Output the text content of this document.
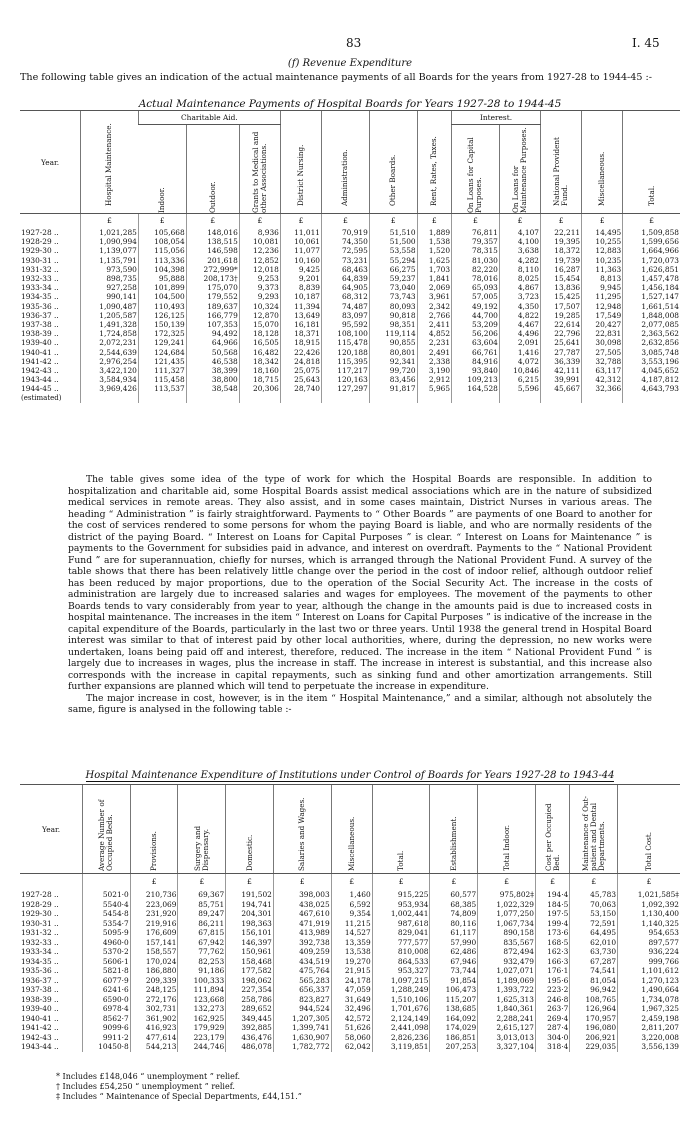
83	I. 45
(f) Revenue Expenditure
The following table gives an indication of the actual maintenance payments of all Boards for the years from 1927-28 to 1944-45 :-
Actual Maintenance Payments of Hospital Boards for Years 1927-28 to 1944-45
Year.	Hospital Maintenance.	Charitable Aid.			District Nursing.	Administration.	Other Boards.	Rent, Rates, Taxes.	Interest.		National Provident Fund.	Miscellaneous.	Total.

		Indoor.	Outdoor.	Grants to Medical and other Associations.					On Loans for Capital Purposes.	On Loans for Maintenance Purposes.			

	£	£	£	£	£	£	£	£	£	£	£	£	£
1927-28 ..	1,021,285	105,668	148,016	8,936	11,011	70,919	51,510	1,889	76,811	4,107	22,211	14,495	1,509,858
1928-29 ..	1,090,994	108,054	138,515	10,081	10,061	74,350	51,500	1,538	79,357	4,100	19,395	10,255	1,599,656
1929-30 ..	1,139,077	115,056	146,598	12,236	11,077	72,595	53,558	1,520	78,315	3,638	18,372	12,883	1,664,966
1930-31 ..	1,135,791	113,336	201,618	12,852	10,160	73,231	55,294	1,625	81,030	4,282	19,739	10,235	1,720,073
1931-32 ..	973,590	104,398	272,999*	12,018	9,425	68,463	66,275	1,703	82,220	8,110	16,287	11,363	1,626,851
1932-33 ..	898,735	95,888	208,173†	9,253	9,201	64,839	59,237	1,841	78,016	8,025	15,454	8,813	1,457,478
1933-34 ..	927,258	101,899	175,070	9,373	8,839	64,905	73,040	2,069	65,093	4,867	13,836	9,945	1,456,184
1934-35 ..	990,141	104,500	179,552	9,293	10,187	68,312	73,743	3,961	57,005	3,723	15,425	11,295	1,527,147
1935-36 ..	1,090,487	110,493	189,637	10,324	11,394	74,487	80,093	2,342	49,192	4,350	17,507	12,948	1,661,514
1936-37 ..	1,205,587	126,125	166,779	12,870	13,649	83,097	90,818	2,766	44,700	4,822	19,285	17,549	1,848,008
1937-38 ..	1,491,328	150,139	107,353	15,070	16,181	95,592	98,351	2,411	53,209	4,467	22,614	20,427	2,077,085
1938-39 ..	1,724,858	172,325	94,492	18,128	18,371	108,100	119,114	4,852	56,206	4,496	22,796	22,831	2,363,562
1939-40 ..	2,072,231	129,241	64,966	16,505	18,915	115,478	90,855	2,231	63,604	2,091	25,641	30,098	2,632,856
1940-41 ..	2,544,639	124,684	50,568	16,482	22,426	120,188	80,801	2,491	66,761	1,416	27,787	27,505	3,085,748
1941-42 ..	2,976,254	121,435	46,538	18,342	24,818	115,395	92,341	2,338	84,916	4,072	36,339	32,788	3,553,196
1942-43 ..	3,422,120	111,327	38,399	18,160	25,075	117,217	99,720	3,190	93,840	10,846	42,111	63,117	4,045,652
1943-44 ..	3,584,934	115,458	38,800	18,715	25,643	120,163	83,456	2,912	109,213	6,215	39,991	42,312	4,187,812
1944-45 ..	3,969,426	113,537	38,548	20,306	28,740	127,297	91,817	5,965	164,528	5,596	45,667	32,366	4,643,793
(estimated)													

The table gives some idea of the type of work for which the Hospital Boards are responsible. In addition to hospitalization and charitable aid, some Hospital Boards assist medical associations which are in the nature of subsidized medical services in remote areas. They also assist, and in some cases maintain, District Nurses in various areas. The heading “ Administration ” is fairly straightforward. Payments to “ Other Boards ” are payments of one Board to another for the cost of services rendered to some persons for whom the paying Board is liable, and who are normally residents of the district of the paying Board. “ Interest on Loans for Capital Purposes ” is clear. “ Interest on Loans for Maintenance ” is payments to the Government for subsidies paid in advance, and interest on overdraft. Payments to the “ National Provident Fund ” are for superannuation, chiefly for nurses, which is arranged through the National Provident Fund. A survey of the table shows that there has been relatively little change over the period in the cost of indoor relief, although outdoor relief has been reduced by major proportions, due to the operation of the Social Security Act. The increase in the costs of administration are largely due to increased salaries and wages for employees. The movement of the payments to other Boards tends to vary considerably from year to year, although the change in the amounts paid is due to increased costs in hospital maintenance. The increases in the item “ Interest on Loans for Capital Purposes ” is indicative of the increase in the capital expenditure of the Boards, particularly in the last two or three years. Until 1938 the general trend in Hospital Board interest was similar to that of interest paid by other local authorities, where, during the depression, no new works were undertaken, loans being paid off and interest, therefore, reduced. The increase in the item “ National Provident Fund ” is largely due to increases in wages, plus the increase in staff. The increase in interest is substantial, and this increase also corresponds with the increase in capital repayments, such as sinking fund and other amortization arrangements. Still further expansions are planned which will tend to perpetuate the increase in expenditure.

The major increase in cost, however, is in the item “ Hospital Maintenance,” and a similar, although not absolutely the same, figure is analysed in the following table :-

Hospital Maintenance Expenditure of Institutions under Control of Boards for Years 1927-28 to 1943-44
Year.	Average Number of Occupied Beds.	Provisions.	Surgery and Dispensary.	Domestic.	Salaries and Wages.	Miscellaneous.	Total.	Establishment.	Total Indoor.	Cost per Occupied Bed.	Maintenance of Out-patient and Dental Departments.	Total Cost.

		£	£	£	£	£	£	£	£	£	£	£
1927-28 ..	5021·0	210,736	69,367	191,502	398,003	1,460	915,225	60,577	975,802‡	194·4	45,783	1,021,585‡
1928-29 ..	5540·4	223,069	85,751	194,741	438,025	6,592	953,934	68,385	1,022,329	184·5	70,063	1,092,392
1929-30 ..	5454·8	231,920	89,247	204,301	467,610	9,354	1,002,441	74,809	1,077,250	197·5	53,150	1,130,400
1930-31 ..	5354·7	219,916	86,211	198,363	471,919	11,215	987,618	80,116	1,067,734	199·4	72,591	1,140,325
1931-32 ..	5095·9	176,609	67,815	156,101	413,989	14,527	829,041	61,117	890,158	173·6	64,495	954,653
1932-33 ..	4960·0	157,141	67,942	146,397	392,738	13,359	777,577	57,990	835,567	168·5	62,010	897,577
1933-34 ..	5370·2	158,557	77,762	150,961	409,259	13,538	810,008	62,486	872,494	162·3	63,730	936,224
1934-35 ..	5606·1	170,024	82,253	158,468	434,519	19,270	864,533	67,946	932,479	166·3	67,287	999,766
1935-36 ..	5821·8	186,880	91,186	177,582	475,764	21,915	953,327	73,744	1,027,071	176·1	74,541	1,101,612
1936-37 ..	6077·9	209,339	100,333	198,062	565,283	24,178	1,097,215	91,854	1,189,069	195·6	81,054	1,270,123
1937-38 ..	6241·6	248,125	111,894	227,354	656,337	47,059	1,288,249	106,473	1,393,722	223·2	96,942	1,490,664
1938-39 ..	6590·0	272,176	123,668	258,786	823,827	31,649	1,510,106	115,207	1,625,313	246·8	108,765	1,734,078
1939-40 ..	6978·4	302,731	132,273	289,652	944,524	32,496	1,701,676	138,685	1,840,361	263·7	126,964	1,967,325
1940-41 ..	8562·7	361,902	162,925	349,445	1,207,305	42,572	2,124,149	164,092	2,288,241	269·4	170,957	2,459,198
1941-42 ..	9099·6	416,923	179,929	392,885	1,399,741	51,626	2,441,098	174,029	2,615,127	287·4	196,080	2,811,207
1942-43 ..	9911·2	477,614	223,179	436,476	1,630,907	58,060	2,826,236	186,851	3,013,013	304·0	206,921	3,220,008
1943-44 ..	10450·8	544,213	244,746	486,078	1,782,772	62,042	3,119,851	207,253	3,327,104	318·4	229,035	3,556,139
* Includes £148,046 “ unemployment ” relief.
† Includes £54,250 “ unemployment ” relief.
‡ Includes “ Maintenance of Special Departments, £44,151.”
